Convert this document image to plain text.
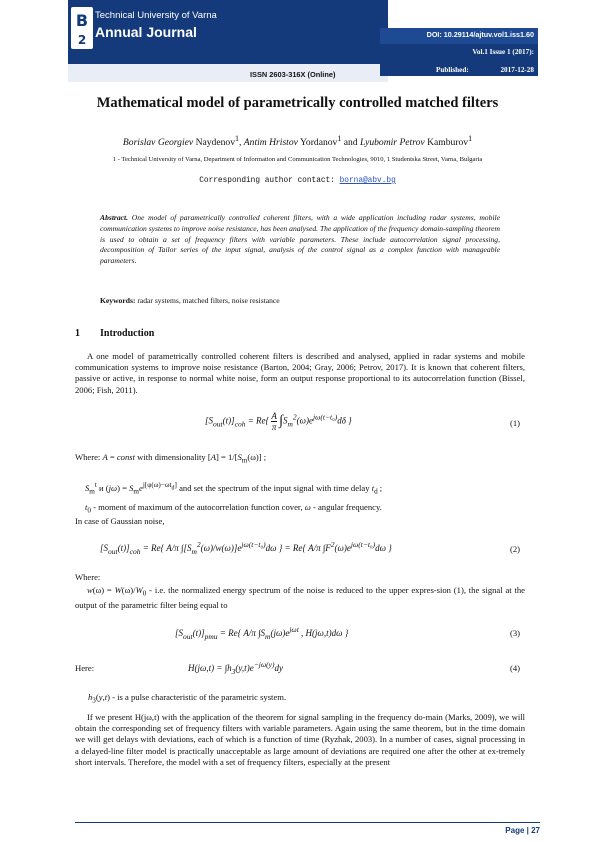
B
2
Technical University of Varna
Annual Journal
ISSN 2603-316X (Online)
DOI: 10.29114/ajtuv.vol1.iss1.60
Vol.1 Issue 1 (2017):
Published:	2017-12-28
Mathematical model of parametrically controlled matched filters
Borislav Georgiev Naydenov$^1$, Antim Hristov Yordanov$^1$ and Lyubomir Petrov Kamburov$^1$
1 - Technical University of Varna, Department of Information and Communication Technologies, 9010, 1 Studentska Street, Varna, Bulgaria
Corresponding author contact: borna@abv.bg
Abstract. One model of parametrically controlled coherent filters, with a wide application including radar systems, mobile communication systems to improve noise resistance, has been analysed. The application of the frequency domain-sampling theorem is used to obtain a set of frequency filters with variable parameters. These include autocorrelation signal processing, decomposition of Tailor series of the input signal, analysis of the control signal as a complex function with manageable parameters.
Keywords: radar systems, matched filters, noise resistance
1 Introduction
A one model of parametrically controlled coherent filters is described and analysed, applied in radar systems and mobile communication systems to improve noise resistance (Barton, 2004; Gray, 2006; Petrov, 2017). It is known that coherent filters, passive or active, in response to normal white noise, form an output response proportional to its autocorrelation function (Bissel, 2006; Fish, 2011).
$[S_{out}(t)]_{coh} = Re\{ \frac{A}{\pi} \int S_m^2(\omega)e^{j\omega(t-t_0)}d\delta$ }	(1)
Where: A = const with dimensionality $[A] = 1/[S_m(\omega)]$ ;
$S_m^t$ и $(j\omega) = S_me^{j[\varphi(\omega)-\omega t_d]}$ and set the spectrum of the input signal with time delay $t_d$ ;
$t_0$ - moment of maximum of the autocorrelation function cover, ω - angular frequency.
In case of Gaussian noise,
$[S_{out}(t)]_{coh} = Re${ A/π $\int[S_m^2(\omega)/w(\omega)]e^{j\omega(t-t_0)}d\omega$ } = Re{ A/π $\int F^2(\omega)e^{j\omega(t-t_0)}d\omega$ }	(2)
Where:
$w(\omega) = W(\omega)/W_0 - i.e$. the normalized energy spectrum of the noise is reduced to the upper expres-sion (1), the signal at the output of the parametric filter being equal to
$[S_{out}(t)]_{pmu} = Re${ A/π $\int S_m(j\omega)e^{j\omega t}$ , H(jω,t)dω }	(3)
Here:	$H(j\omega,t) = \int h_3(y,t)e^{-j\omega(y)}dy$	(4)
$h_3(y,t)$ - is a pulse characteristic of the parametric system.
If we present H(jω,t) with the application of the theorem for signal sampling in the frequency do-main (Marks, 2009), we will obtain the corresponding set of frequency filters with variable parameters. Again using the same theorem, but in the time domain we will get delays with deviations, each of which is a function of time (Ryzhak, 2003). In a number of cases, signal processing in a delayed-line filter model is practically unacceptable as large amount of deviations are required one after the other at ex-tremely short intervals. Therefore, the model with a set of frequency filters, especially at the present
Page | 27
